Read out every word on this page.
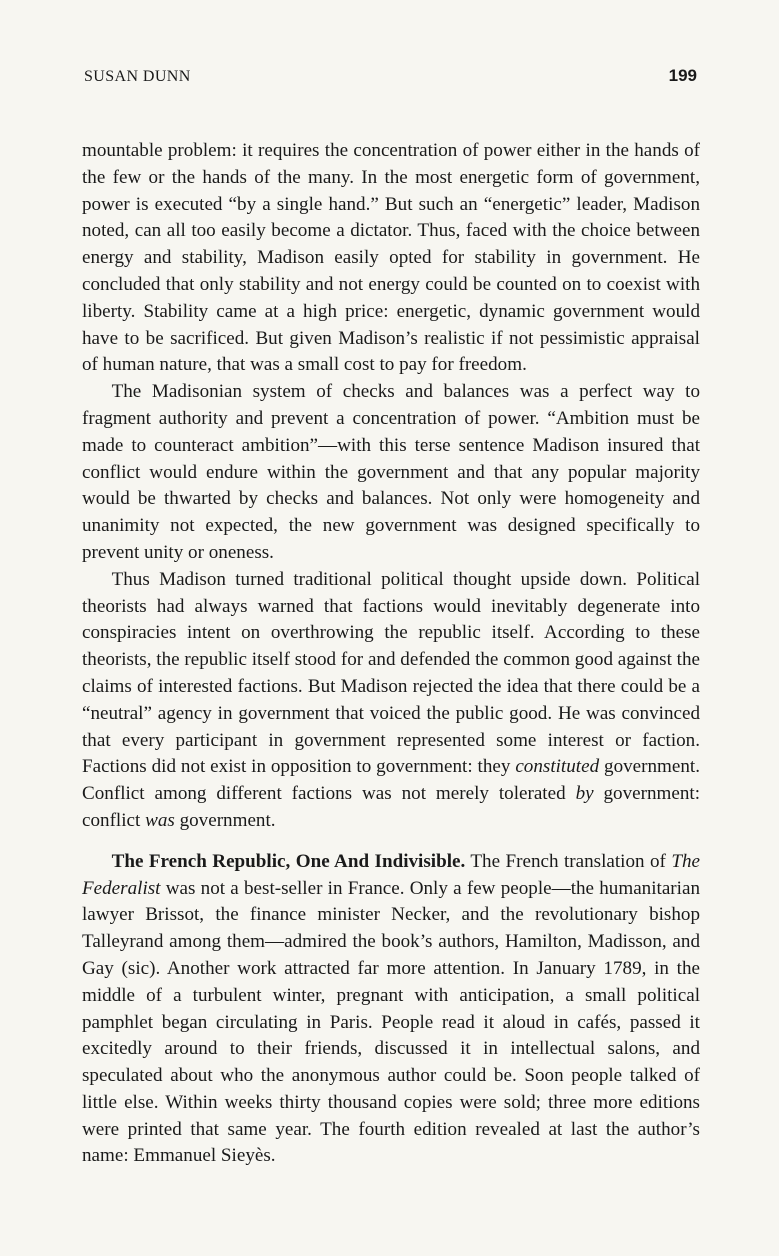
SUSAN DUNN	199

mountable problem: it requires the concentration of power either in the hands of the few or the hands of the many. In the most energetic form of government, power is executed “by a single hand.” But such an “energetic” leader, Madison noted, can all too easily become a dictator. Thus, faced with the choice between energy and stability, Madison easily opted for stability in government. He concluded that only stability and not energy could be counted on to coexist with liberty. Stability came at a high price: energetic, dynamic government would have to be sacrificed. But given Madison’s realistic if not pessimistic appraisal of human nature, that was a small cost to pay for freedom.

The Madisonian system of checks and balances was a perfect way to fragment authority and prevent a concentration of power. “Ambition must be made to counteract ambition”—with this terse sentence Madison insured that conflict would endure within the government and that any popular majority would be thwarted by checks and balances. Not only were homogeneity and unanimity not expected, the new government was designed specifically to prevent unity or oneness.

Thus Madison turned traditional political thought upside down. Political theorists had always warned that factions would inevitably degenerate into conspiracies intent on overthrowing the republic itself. According to these theorists, the republic itself stood for and defended the common good against the claims of interested factions. But Madison rejected the idea that there could be a “neutral” agency in government that voiced the public good. He was convinced that every participant in government represented some interest or faction. Factions did not exist in opposition to government: they constituted government. Conflict among different factions was not merely tolerated by government: conflict was government.

The French Republic, One And Indivisible. The French translation of The Federalist was not a best-seller in France. Only a few people—the humanitarian lawyer Brissot, the finance minister Necker, and the revolutionary bishop Talleyrand among them—admired the book’s authors, Hamilton, Madisson, and Gay (sic). Another work attracted far more attention. In January 1789, in the middle of a turbulent winter, pregnant with anticipation, a small political pamphlet began circulating in Paris. People read it aloud in cafés, passed it excitedly around to their friends, discussed it in intellectual salons, and speculated about who the anonymous author could be. Soon people talked of little else. Within weeks thirty thousand copies were sold; three more editions were printed that same year. The fourth edition revealed at last the author’s name: Emmanuel Sieyès.
